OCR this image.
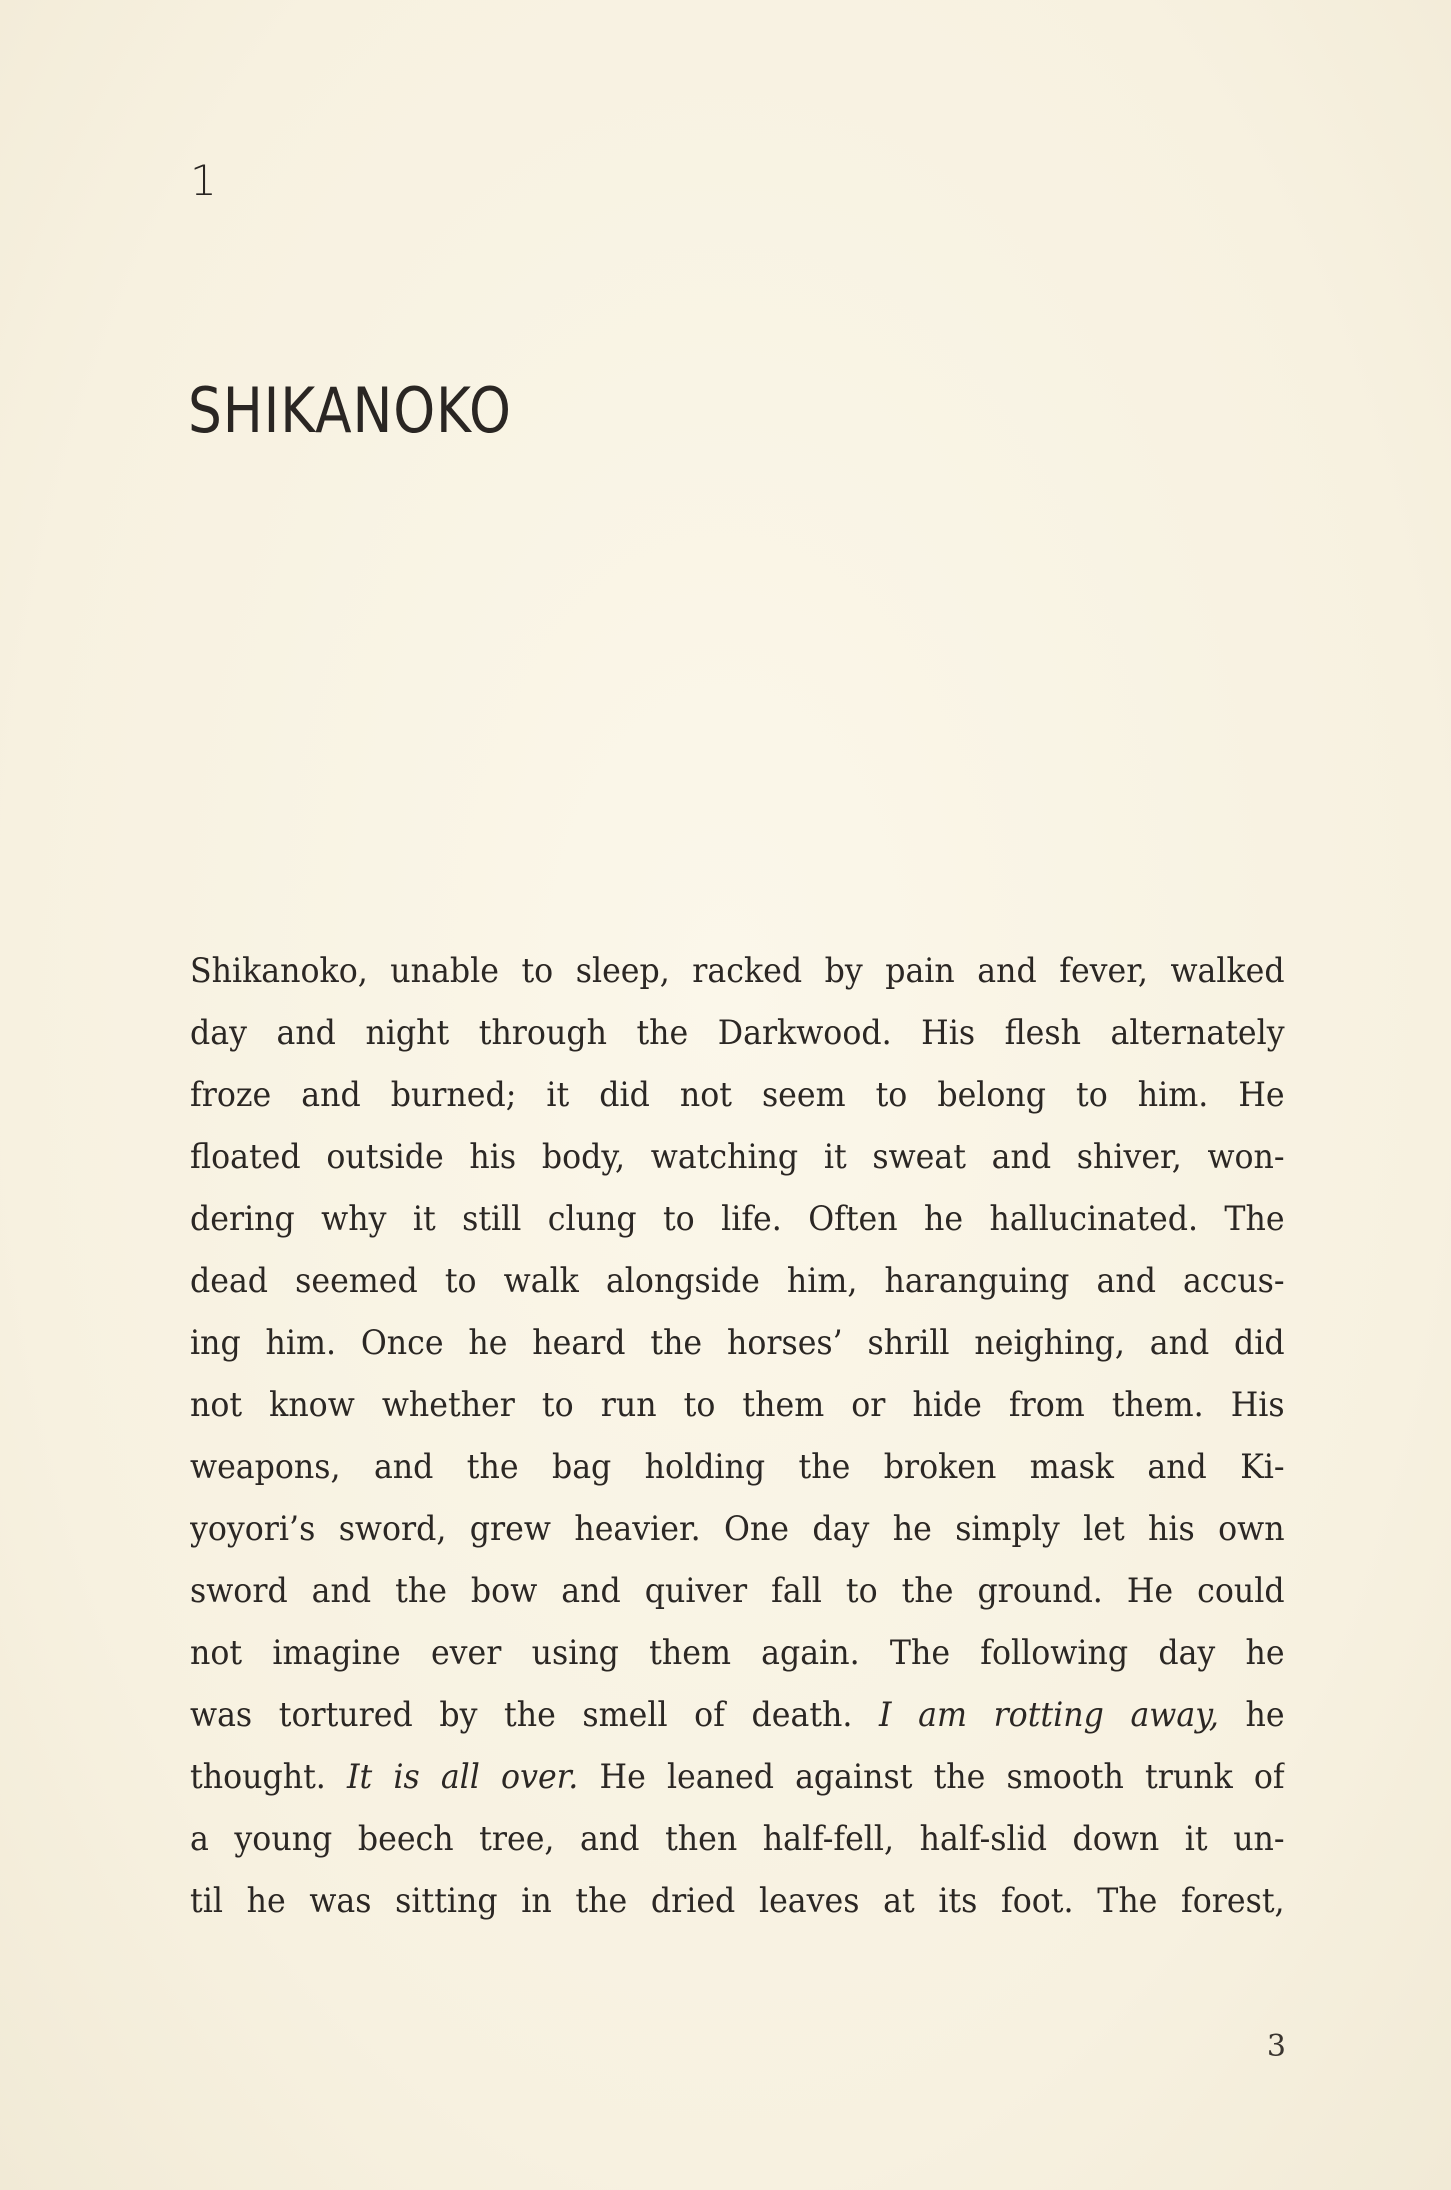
1
SHIKANOKO
Shikanoko, unable to sleep, racked by pain and fever, walked
day and night through the Darkwood. His flesh alternately
froze and burned; it did not seem to belong to him. He
floated outside his body, watching it sweat and shiver, won-
dering why it still clung to life. Often he hallucinated. The
dead seemed to walk alongside him, haranguing and accus-
ing him. Once he heard the horses’ shrill neighing, and did
not know whether to run to them or hide from them. His
weapons, and the bag holding the broken mask and Ki-
yoyori’s sword, grew heavier. One day he simply let his own
sword and the bow and quiver fall to the ground. He could
not imagine ever using them again. The following day he
was tortured by the smell of death. I am rotting away, he
thought. It is all over. He leaned against the smooth trunk of
a young beech tree, and then half-fell, half-slid down it un-
til he was sitting in the dried leaves at its foot. The forest,
3
